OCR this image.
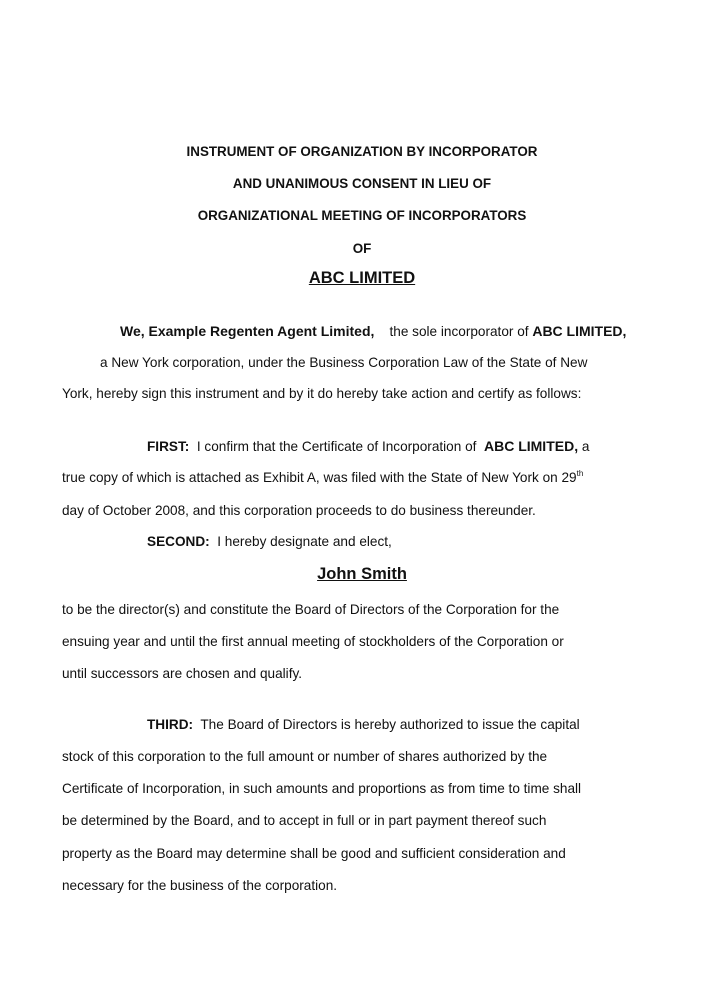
INSTRUMENT OF ORGANIZATION BY INCORPORATOR
AND UNANIMOUS CONSENT IN LIEU OF
ORGANIZATIONAL MEETING OF INCORPORATORS
OF
ABC LIMITED
We, Example Regenten Agent Limited, the sole incorporator of ABC LIMITED,
a New York corporation, under the Business Corporation Law of the State of New
York, hereby sign this instrument and by it do hereby take action and certify as follows:
FIRST: I confirm that the Certificate of Incorporation of ABC LIMITED, a
true copy of which is attached as Exhibit A, was filed with the State of New York on 29th
day of October 2008, and this corporation proceeds to do business thereunder.
SECOND: I hereby designate and elect,
John Smith
to be the director(s) and constitute the Board of Directors of the Corporation for the
ensuing year and until the first annual meeting of stockholders of the Corporation or
until successors are chosen and qualify.
THIRD: The Board of Directors is hereby authorized to issue the capital
stock of this corporation to the full amount or number of shares authorized by the
Certificate of Incorporation, in such amounts and proportions as from time to time shall
be determined by the Board, and to accept in full or in part payment thereof such
property as the Board may determine shall be good and sufficient consideration and
necessary for the business of the corporation.
